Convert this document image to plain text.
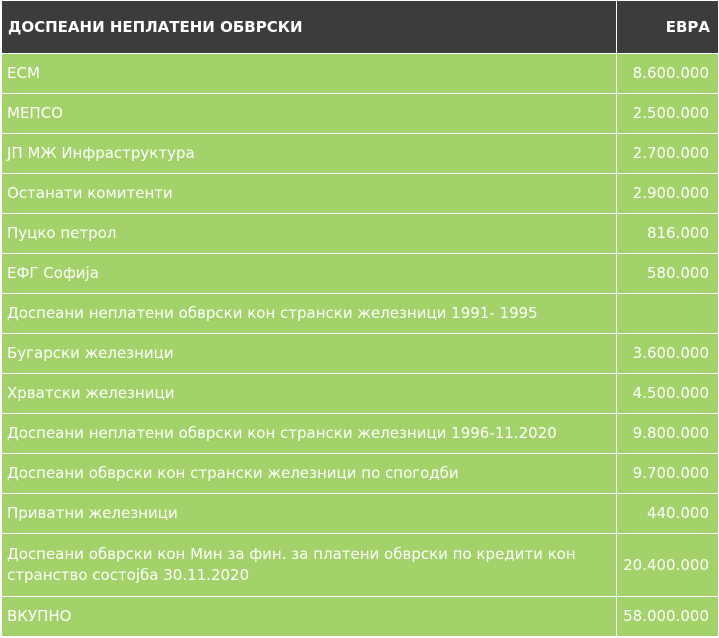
ДОСПЕАНИ НЕПЛАТЕНИ ОБВРСКИ	ЕВРА
ЕСМ	8.600.000
МЕПСО	2.500.000
ЈП МЖ Инфраструктура	2.700.000
Останати комитенти	2.900.000
Пуцко петрол	816.000
ЕФГ Софија	580.000
Доспеани неплатени обврски кон странски железници 1991- 1995	
Бугарски железници	3.600.000
Хрватски железници	4.500.000
Доспеани неплатени обврски кон странски железници 1996-11.2020	9.800.000
Доспеани обврски кон странски железници по спогодби	9.700.000
Приватни железници	440.000
Доспеани обврски кон Мин за фин. за платени обврски по кредити кон странство состојба 30.11.2020	20.400.000
ВКУПНО	58.000.000
